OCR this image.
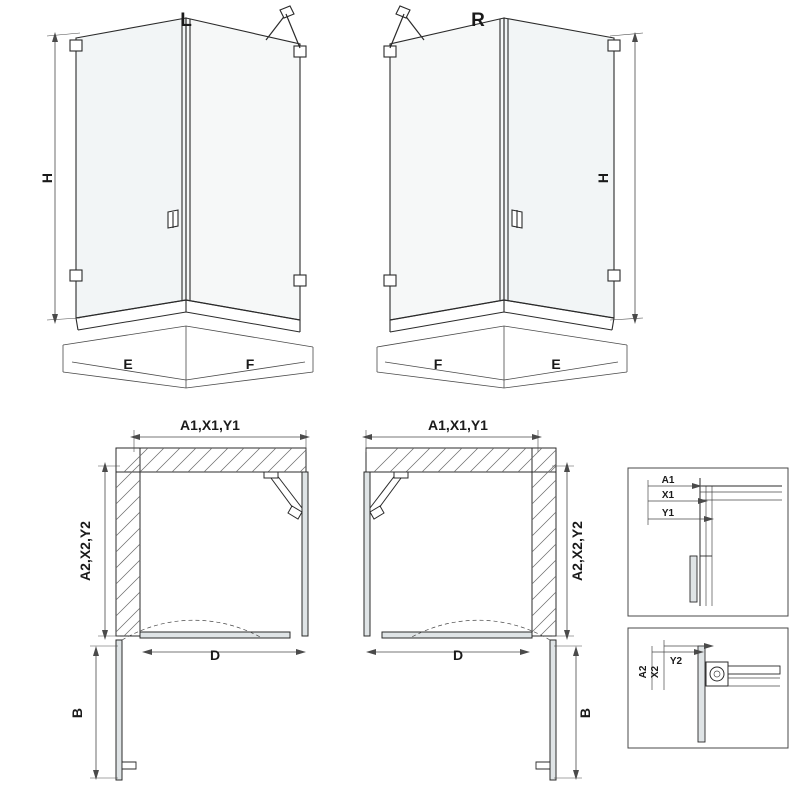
L
H
E	F
R
H
F	E
A1,X1,Y1
A2,X2,Y2
D
B
A1,X1,Y1
A2,X2,Y2
D
B
A1
X1
Y1
A2 X2
Y2
